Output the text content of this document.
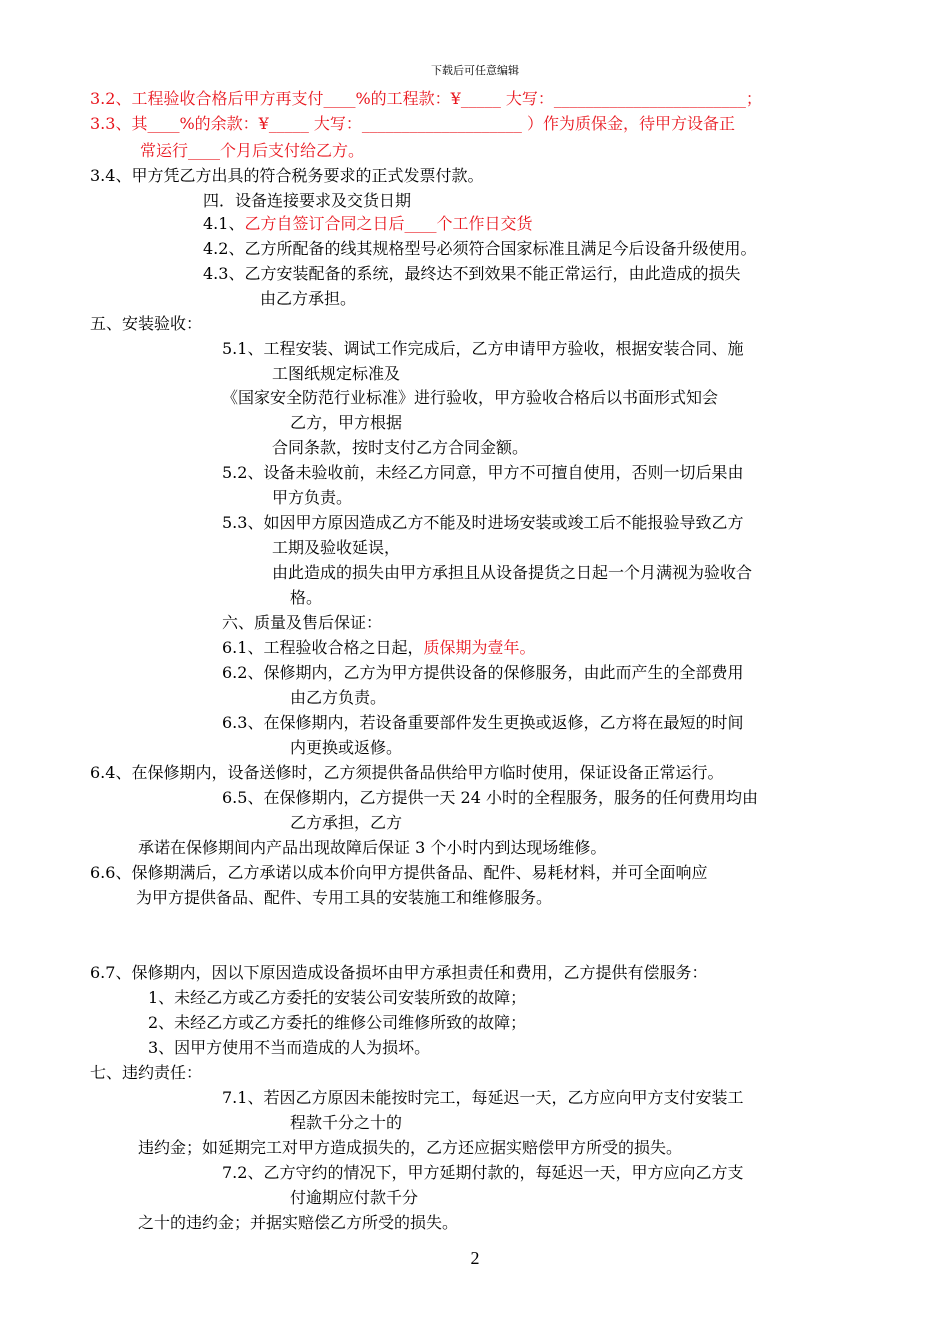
下载后可任意编辑
3.2、工程验收合格后甲方再支付____%的工程款：¥_____ 大写：________________________；
3.3、其____%的余款：¥_____ 大写：____________________ ）作为质保金，待甲方设备正
常运行____个月后支付给乙方。
3.4、甲方凭乙方出具的符合税务要求的正式发票付款。
四．设备连接要求及交货日期
4.1、乙方自签订合同之日后____个工作日交货
4.2、乙方所配备的线其规格型号必须符合国家标准且满足今后设备升级使用。
4.3、乙方安装配备的系统，最终达不到效果不能正常运行，由此造成的损失
由乙方承担。
五、安装验收：
5.1、工程安装、调试工作完成后，乙方申请甲方验收，根据安装合同、施
工图纸规定标准及
《国家安全防范行业标准》进行验收，甲方验收合格后以书面形式知会
乙方，甲方根据
合同条款，按时支付乙方合同金额。
5.2、设备未验收前，未经乙方同意，甲方不可擅自使用，否则一切后果由
甲方负责。
5.3、如因甲方原因造成乙方不能及时进场安装或竣工后不能报验导致乙方
工期及验收延误，
由此造成的损失由甲方承担且从设备提货之日起一个月满视为验收合
格。
六、质量及售后保证：
6.1、工程验收合格之日起，质保期为壹年。
6.2、保修期内，乙方为甲方提供设备的保修服务，由此而产生的全部费用
由乙方负责。
6.3、在保修期内，若设备重要部件发生更换或返修，乙方将在最短的时间
内更换或返修。
6.4、在保修期内，设备送修时，乙方须提供备品供给甲方临时使用，保证设备正常运行。
6.5、在保修期内，乙方提供一天 24 小时的全程服务，服务的任何费用均由
乙方承担，乙方
承诺在保修期间内产品出现故障后保证 3 个小时内到达现场维修。
6.6、保修期满后，乙方承诺以成本价向甲方提供备品、配件、易耗材料，并可全面响应
为甲方提供备品、配件、专用工具的安装施工和维修服务。
6.7、保修期内，因以下原因造成设备损坏由甲方承担责任和费用，乙方提供有偿服务：
1、未经乙方或乙方委托的安装公司安装所致的故障；
2、未经乙方或乙方委托的维修公司维修所致的故障；
3、因甲方使用不当而造成的人为损坏。
七、违约责任：
7.1、若因乙方原因未能按时完工，每延迟一天，乙方应向甲方支付安装工
程款千分之十的
违约金；如延期完工对甲方造成损失的，乙方还应据实赔偿甲方所受的损失。
7.2、乙方守约的情况下，甲方延期付款的，每延迟一天，甲方应向乙方支
付逾期应付款千分
之十的违约金；并据实赔偿乙方所受的损失。
2
